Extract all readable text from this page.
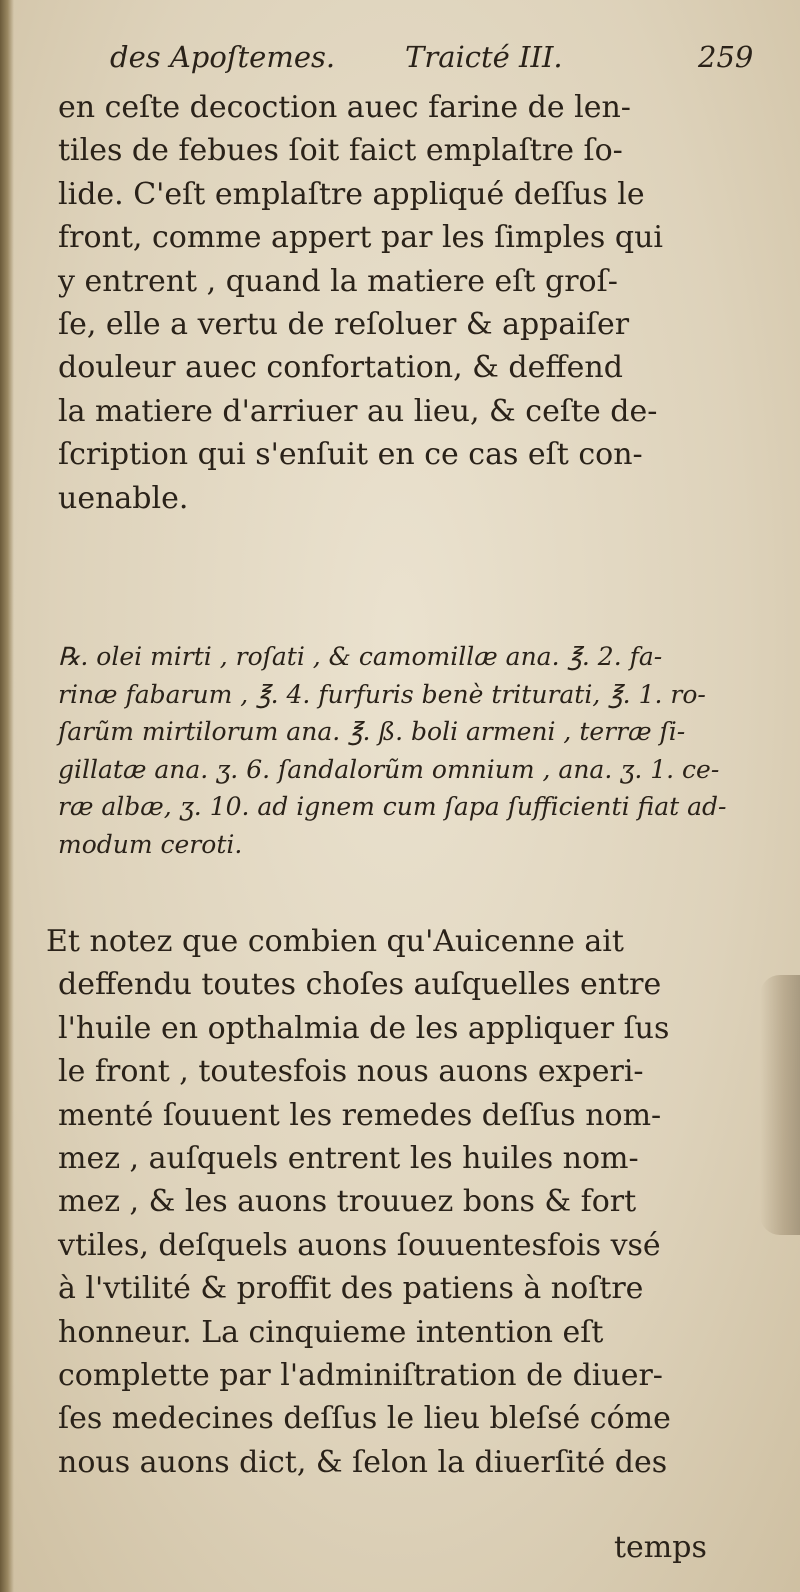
des Apoſtemes. Traicté III.	259
en ceſte decoction auec farine de len-
tiles de febues ſoit faict emplaſtre ſo-
lide. C'eſt emplaſtre appliqué deſſus le
front, comme appert par les ſimples qui
y entrent , quand la matiere eſt groſ-
ſe, elle a vertu de reſoluer & appaiſer
douleur auec confortation, & deffend
la matiere d'arriuer au lieu, & ceſte de-
ſcription qui s'enſuit en ce cas eſt con-
uenable.
℞. olei mirti , roſati , & camomillæ ana. ℥. 2. fa-
rinæ fabarum , ℥. 4. furfuris benè triturati, ℥. 1. ro-
ſarũm mirtilorum ana. ℥. ß. boli armeni , terræ ſi-
gillatæ ana. ʒ. 6. ſandalorũm omnium , ana. ʒ. 1. ce-
ræ albæ, ʒ. 10. ad ignem cum ſapa ſufficienti fiat ad-
modum ceroti.
Et notez que combien qu'Auicenne ait
deffendu toutes choſes auſquelles entre
l'huile en opthalmia de les appliquer ſus
le front , toutesfois nous auons experi-
menté ſouuent les remedes deſſus nom-
mez , auſquels entrent les huiles nom-
mez , & les auons trouuez bons & fort
vtiles, deſquels auons ſouuentesfois vsé
à l'vtilité & proffit des patiens à noſtre
honneur. La cinquieme intention eſt
complette par l'adminiſtration de diuer-
ſes medecines deſſus le lieu bleſsé cóme
nous auons dict, & ſelon la diuerſité des
temps
